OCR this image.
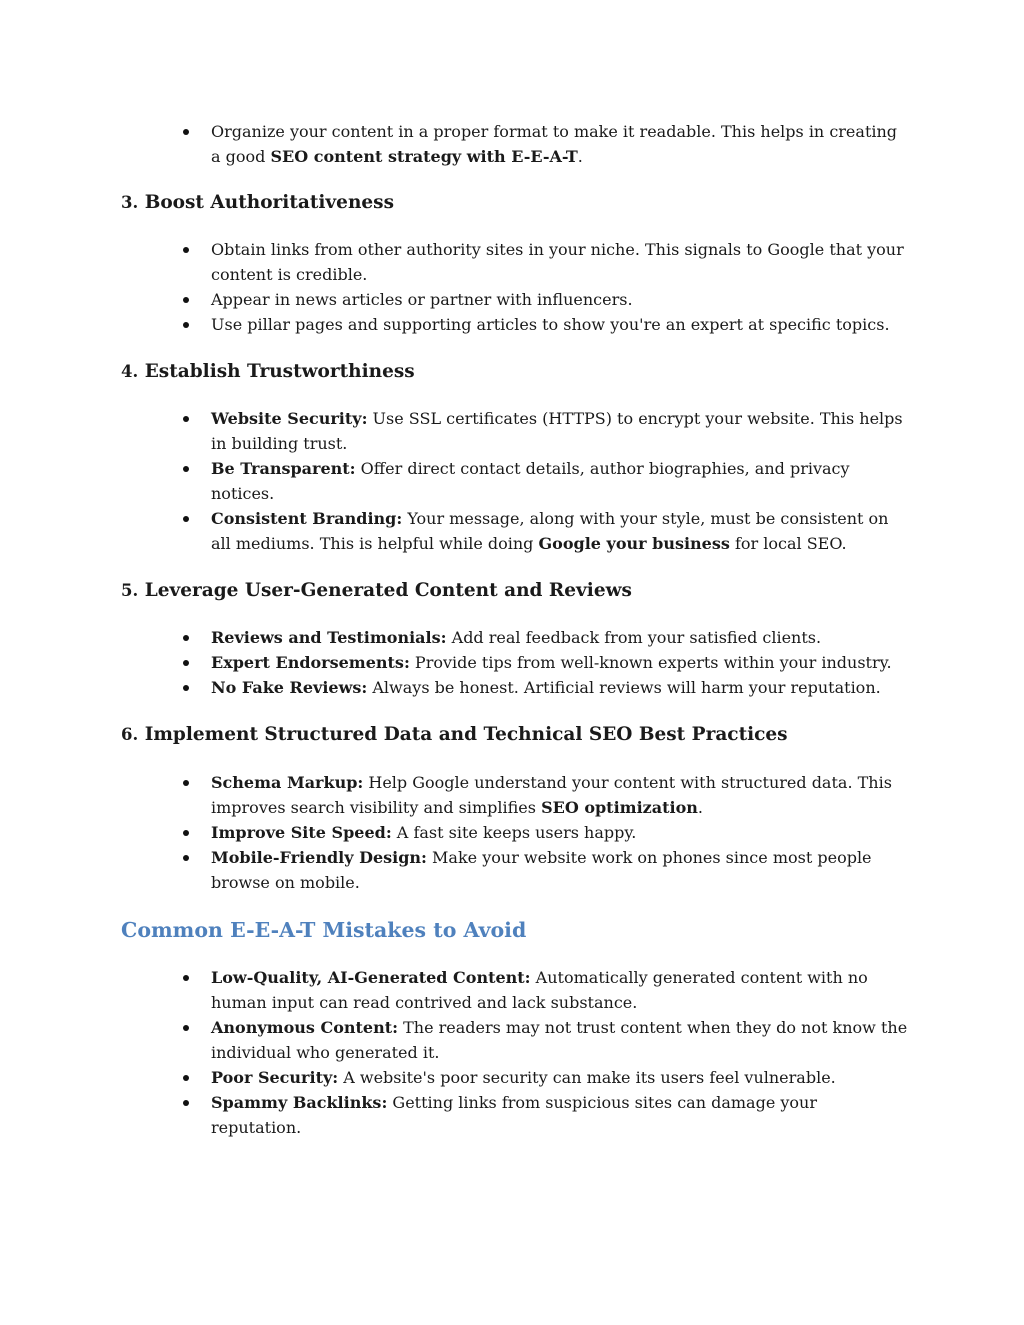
Organize your content in a proper format to make it readable. This helps in creating a good SEO content strategy with E-E-A-T.
3. Boost Authoritativeness
Obtain links from other authority sites in your niche. This signals to Google that your content is credible.
Appear in news articles or partner with influencers.
Use pillar pages and supporting articles to show you're an expert at specific topics.
4. Establish Trustworthiness
Website Security: Use SSL certificates (HTTPS) to encrypt your website. This helps in building trust.
Be Transparent: Offer direct contact details, author biographies, and privacy notices.
Consistent Branding: Your message, along with your style, must be consistent on all mediums. This is helpful while doing Google your business for local SEO.
5. Leverage User-Generated Content and Reviews
Reviews and Testimonials: Add real feedback from your satisfied clients.
Expert Endorsements: Provide tips from well-known experts within your industry.
No Fake Reviews: Always be honest. Artificial reviews will harm your reputation.
6. Implement Structured Data and Technical SEO Best Practices
Schema Markup: Help Google understand your content with structured data. This improves search visibility and simplifies SEO optimization.
Improve Site Speed: A fast site keeps users happy.
Mobile-Friendly Design: Make your website work on phones since most people browse on mobile.
Common E-E-A-T Mistakes to Avoid
Low-Quality, AI-Generated Content: Automatically generated content with no human input can read contrived and lack substance.
Anonymous Content: The readers may not trust content when they do not know the individual who generated it.
Poor Security: A website's poor security can make its users feel vulnerable.
Spammy Backlinks: Getting links from suspicious sites can damage your reputation.
